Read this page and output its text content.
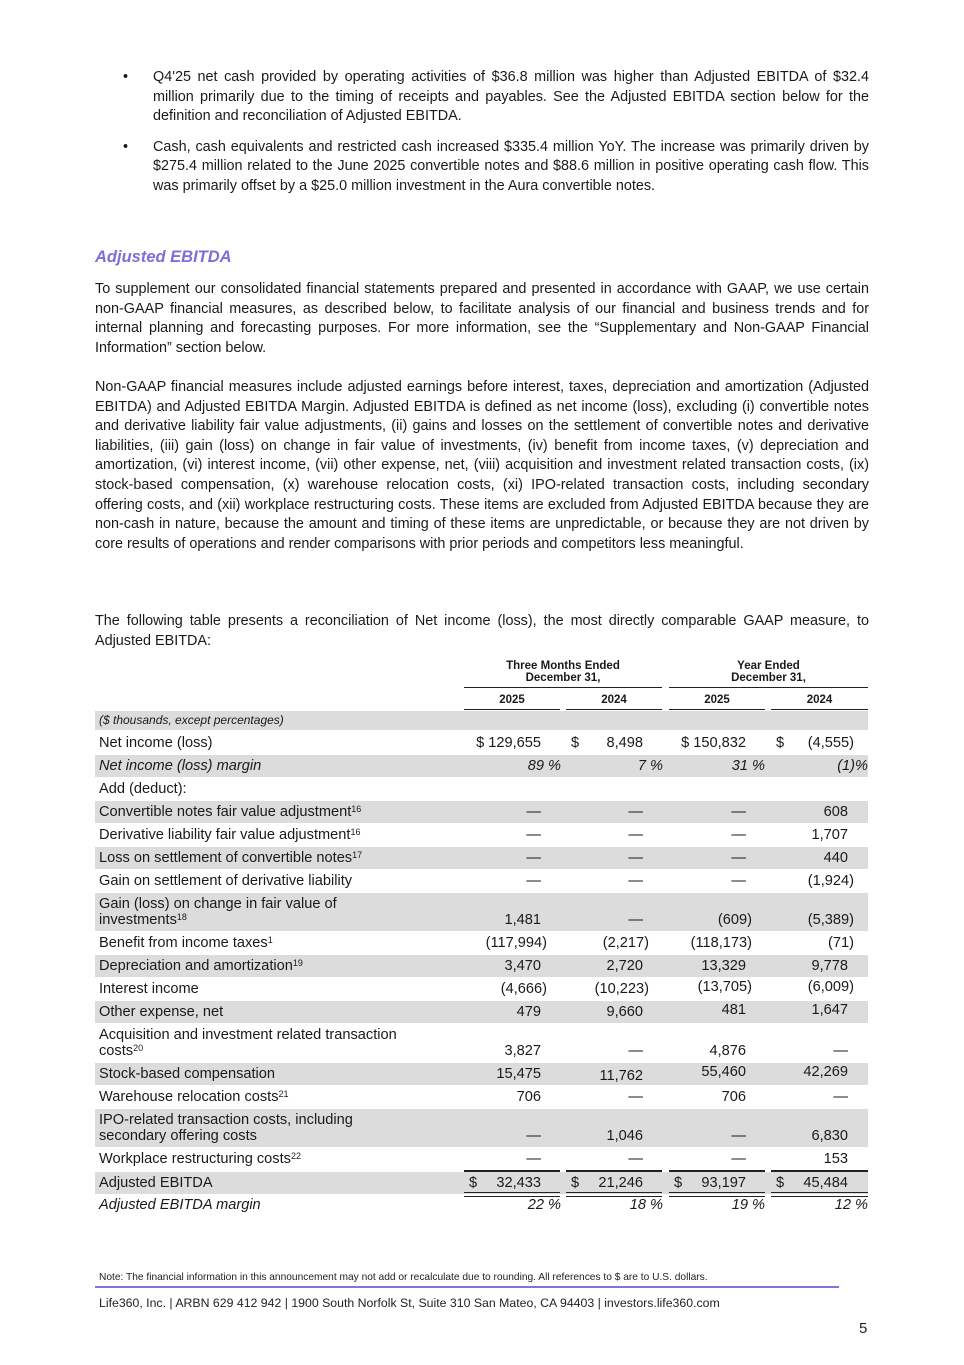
• Q4'25 net cash provided by operating activities of $36.8 million was higher than Adjusted EBITDA of $32.4 million primarily due to the timing of receipts and payables. See the Adjusted EBITDA section below for the definition and reconciliation of Adjusted EBITDA.
• Cash, cash equivalents and restricted cash increased $335.4 million YoY. The increase was primarily driven by $275.4 million related to the June 2025 convertible notes and $88.6 million in positive operating cash flow. This was primarily offset by a $25.0 million investment in the Aura convertible notes.
Adjusted EBITDA
To supplement our consolidated financial statements prepared and presented in accordance with GAAP, we use certain non-GAAP financial measures, as described below, to facilitate analysis of our financial and business trends and for internal planning and forecasting purposes. For more information, see the “Supplementary and Non-GAAP Financial Information” section below.
Non-GAAP financial measures include adjusted earnings before interest, taxes, depreciation and amortization (Adjusted EBITDA) and Adjusted EBITDA Margin. Adjusted EBITDA is defined as net income (loss), excluding (i) convertible notes and derivative liability fair value adjustments, (ii) gains and losses on the settlement of convertible notes and derivative liabilities, (iii) gain (loss) on change in fair value of investments, (iv) benefit from income taxes, (v) depreciation and amortization, (vi) interest income, (vii) other expense, net, (viii) acquisition and investment related transaction costs, (ix) stock-based compensation, (x) warehouse relocation costs, (xi) IPO-related transaction costs, including secondary offering costs, and (xii) workplace restructuring costs. These items are excluded from Adjusted EBITDA because they are non-cash in nature, because the amount and timing of these items are unpredictable, or because they are not driven by core results of operations and render comparisons with prior periods and competitors less meaningful.
The following table presents a reconciliation of Net income (loss), the most directly comparable GAAP measure, to Adjusted EBITDA:
Three Months Ended
December 31,
Year Ended
December 31,
2025	2024	2025	2024
($ thousands, except percentages)
Net income (loss)	$ 129,655 $ 8,498	$ 150,832 $ (4,555)
Net income (loss) margin	89 %	7 %	31 %	(1)%
Add (deduct):
Convertible notes fair value adjustment$^{16}$	—	—	—	608
Derivative liability fair value adjustment$^{16}$	—	—	—	1,707
Loss on settlement of convertible notes$^{17}$	—	—	—	440
Gain on settlement of derivative liability	—	—	—	(1,924)
Gain (loss) on change in fair value of
investments$^{18}$	1,481	—	(609)	(5,389)
Benefit from income taxes$^1$	(117,994)	(2,217)	(118,173)	(71)
Depreciation and amortization$^{19}$	3,470	2,720	13,329	9,778
Interest income	(4,666)	(10,223)	(13,705)	(6,009)
Other expense, net	479	9,660	481	1,647
Acquisition and investment related transaction
costs$^{20}$	3,827	—	4,876	—
Stock-based compensation	15,475	11,762	55,460	42,269
Warehouse relocation costs$^{21}$	706	—	706	—
IPO-related transaction costs, including
secondary offering costs	—	1,046	—	6,830
Workplace restructuring costs$^{22}$	—	—	—	153
Adjusted EBITDA	$ 32,433 $ 21,246 $ 93,197 $ 45,484
Adjusted EBITDA margin	22 %	18 %	19 %	12 %
Note: The financial information in this announcement may not add or recalculate due to rounding. All references to $ are to U.S. dollars.
Life360, Inc. | ARBN 629 412 942 | 1900 South Norfolk St, Suite 310 San Mateo, CA 94403 | investors.life360.com
5
